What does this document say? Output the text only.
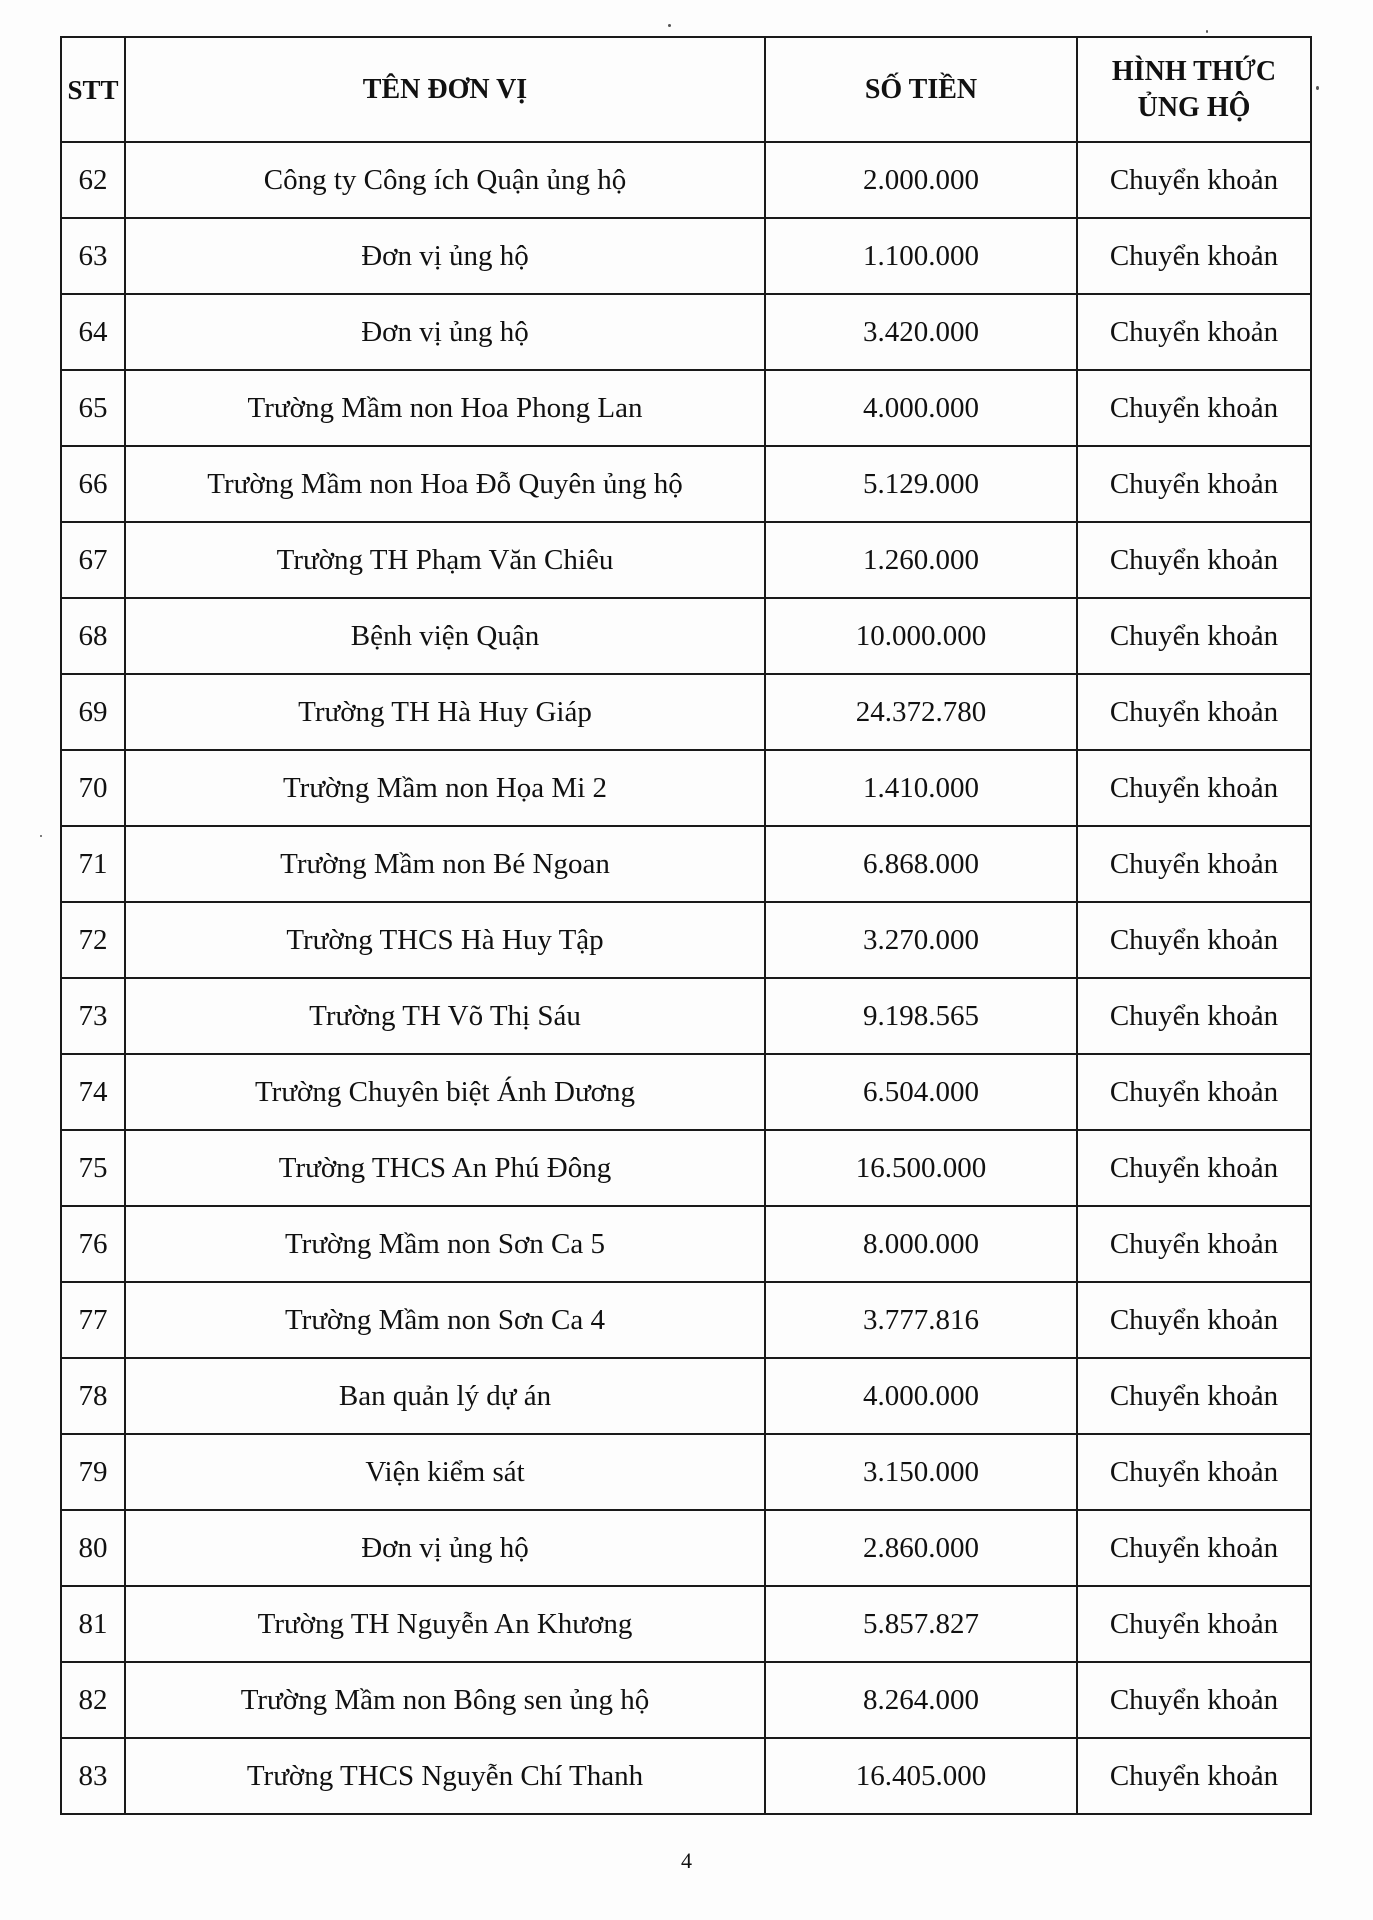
STT	TÊN ĐƠN VỊ	SỐ TIỀN	HÌNH THỨC
ỦNG HỘ
62	Công ty Công ích Quận ủng hộ	2.000.000	Chuyển khoản
63	Đơn vị ủng hộ	1.100.000	Chuyển khoản
64	Đơn vị ủng hộ	3.420.000	Chuyển khoản
65	Trường Mầm non Hoa Phong Lan	4.000.000	Chuyển khoản
66	Trường Mầm non Hoa Đỗ Quyên ủng hộ	5.129.000	Chuyển khoản
67	Trường TH Phạm Văn Chiêu	1.260.000	Chuyển khoản
68	Bệnh viện Quận	10.000.000	Chuyển khoản
69	Trường TH Hà Huy Giáp	24.372.780	Chuyển khoản
70	Trường Mầm non Họa Mi 2	1.410.000	Chuyển khoản
71	Trường Mầm non Bé Ngoan	6.868.000	Chuyển khoản
72	Trường THCS Hà Huy Tập	3.270.000	Chuyển khoản
73	Trường TH Võ Thị Sáu	9.198.565	Chuyển khoản
74	Trường Chuyên biệt Ánh Dương	6.504.000	Chuyển khoản
75	Trường THCS An Phú Đông	16.500.000	Chuyển khoản
76	Trường Mầm non Sơn Ca 5	8.000.000	Chuyển khoản
77	Trường Mầm non Sơn Ca 4	3.777.816	Chuyển khoản
78	Ban quản lý dự án	4.000.000	Chuyển khoản
79	Viện kiểm sát	3.150.000	Chuyển khoản
80	Đơn vị ủng hộ	2.860.000	Chuyển khoản
81	Trường TH Nguyễn An Khương	5.857.827	Chuyển khoản
82	Trường Mầm non Bông sen ủng hộ	8.264.000	Chuyển khoản
83	Trường THCS Nguyễn Chí Thanh	16.405.000	Chuyển khoản
4
